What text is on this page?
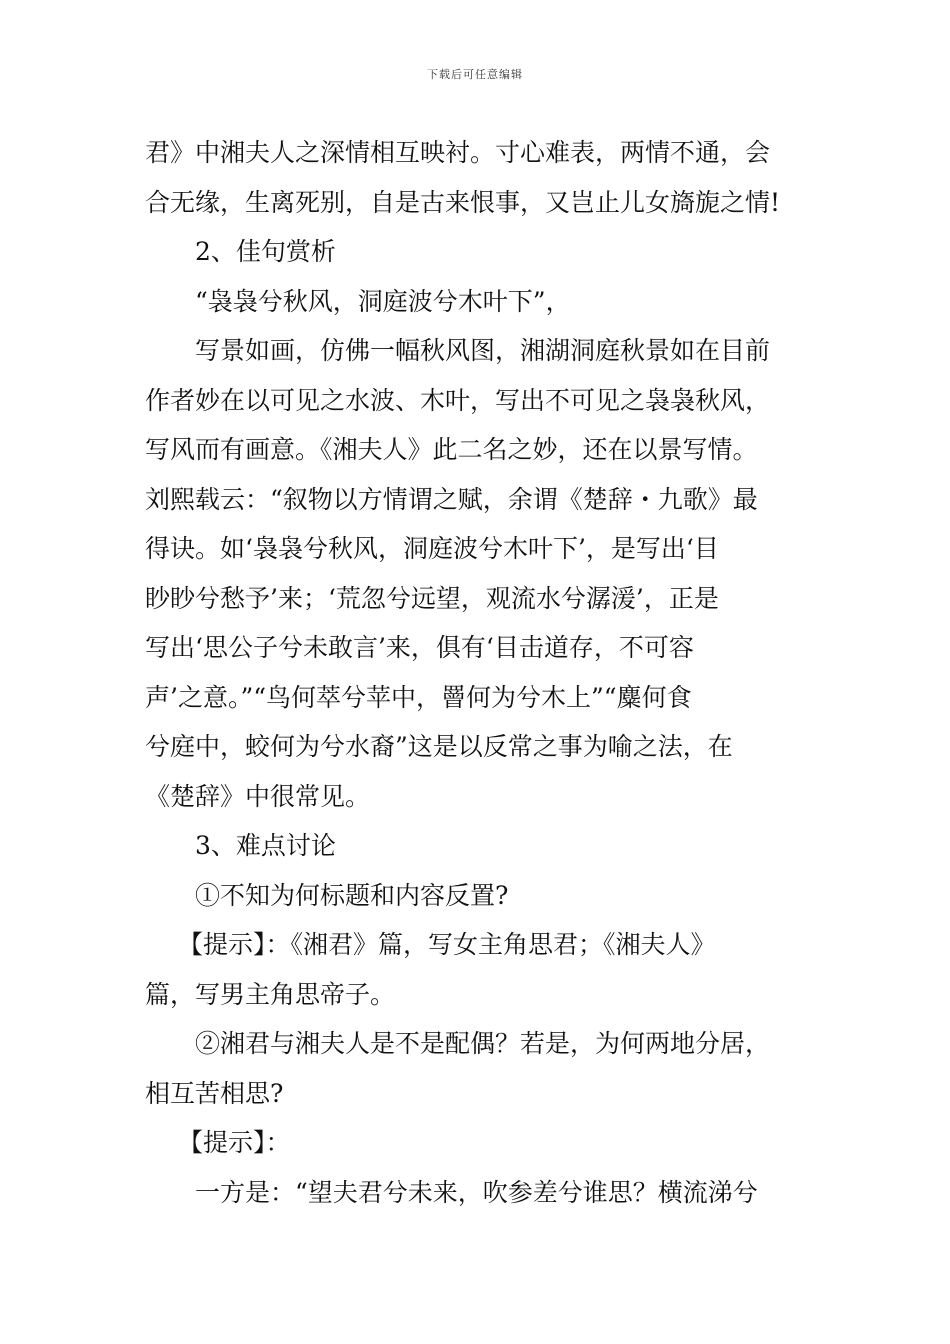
下载后可任意编辑
君》中湘夫人之深情相互映衬。寸心难表，两情不通，会
合无缘，生离死别，自是古来恨事，又岂止儿女旖旎之情!
2、佳句赏析
“袅袅兮秋风，洞庭波兮木叶下”，
写景如画，仿佛一幅秋风图，湘湖洞庭秋景如在目前
作者妙在以可见之水波、木叶，写出不可见之袅袅秋风，
写风而有画意。《湘夫人》此二名之妙，还在以景写情。
刘熙载云：“叙物以方情谓之赋，余谓《楚辞・九歌》最
得诀。如‘袅袅兮秋风，洞庭波兮木叶下’，是写出‘目
眇眇兮愁予’来；‘荒忽兮远望，观流水兮潺湲’，正是
写出‘思公子兮未敢言’来，俱有‘目击道存，不可容
声’之意。”“鸟何萃兮苹中，罾何为兮木上”“麋何食
兮庭中，蛟何为兮水裔”这是以反常之事为喻之法，在
《楚辞》中很常见。
3、难点讨论
①不知为何标题和内容反置?
【提示】：《湘君》篇，写女主角思君；《湘夫人》
篇，写男主角思帝子。
②湘君与湘夫人是不是配偶？若是，为何两地分居，
相互苦相思?
【提示】：
一方是：“望夫君兮未来，吹参差兮谁思？横流涕兮
